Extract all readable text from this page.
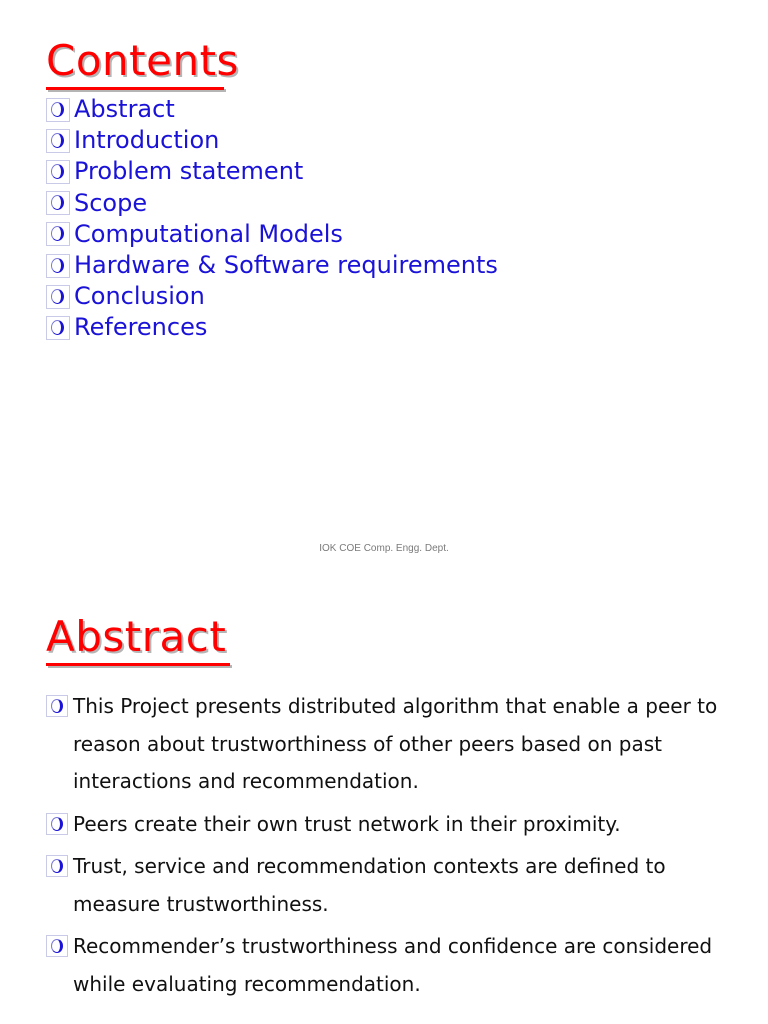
Contents
Abstract
Introduction
Problem statement
Scope
Computational Models
Hardware & Software requirements
Conclusion
References
IOK COE Comp. Engg. Dept.
Abstract
This Project presents distributed algorithm that enable a peer to reason about trustworthiness of other peers based on past interactions and recommendation.
Peers create their own trust network in their proximity.
Trust, service and recommendation contexts are defined to measure trustworthiness.
Recommender’s trustworthiness and confidence are considered while evaluating recommendation.
